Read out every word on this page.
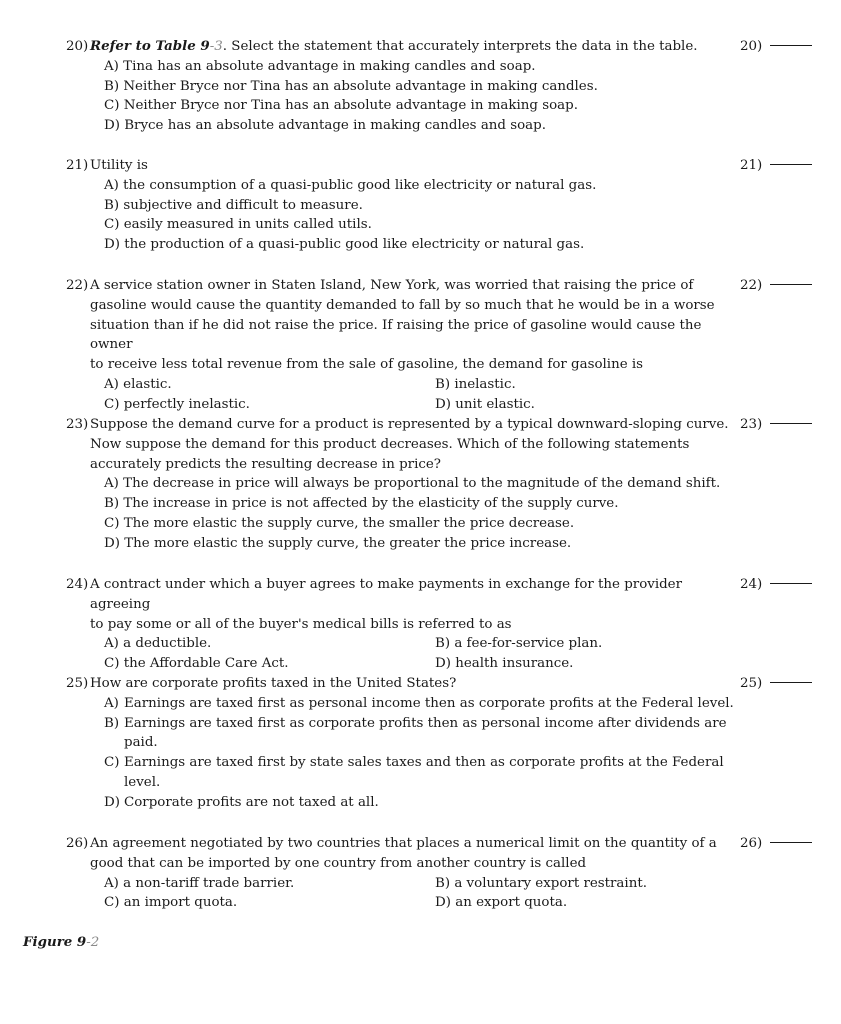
20) Refer to Table 9-3. Select the statement that accurately interprets the data in the table.
A) Tina has an absolute advantage in making candles and soap.
B) Neither Bryce nor Tina has an absolute advantage in making candles.
C) Neither Bryce nor Tina has an absolute advantage in making soap.
D) Bryce has an absolute advantage in making candles and soap.
20)
21) Utility is
A) the consumption of a quasi-public good like electricity or natural gas.
B) subjective and difficult to measure.
C) easily measured in units called utils.
D) the production of a quasi-public good like electricity or natural gas.
21)
22) A service station owner in Staten Island, New York, was worried that raising the price of
gasoline would cause the quantity demanded to fall by so much that he would be in a worse
situation than if he did not raise the price. If raising the price of gasoline would cause the owner
to receive less total revenue from the sale of gasoline, the demand for gasoline is
A) elastic.	B) inelastic.
C) perfectly inelastic.	D) unit elastic.
22)
23) Suppose the demand curve for a product is represented by a typical downward-sloping curve.
Now suppose the demand for this product decreases. Which of the following statements
accurately predicts the resulting decrease in price?
A) The decrease in price will always be proportional to the magnitude of the demand shift.
B) The increase in price is not affected by the elasticity of the supply curve.
C) The more elastic the supply curve, the smaller the price decrease.
D) The more elastic the supply curve, the greater the price increase.
23)
24) A contract under which a buyer agrees to make payments in exchange for the provider agreeing
to pay some or all of the buyer's medical bills is referred to as
A) a deductible.	B) a fee-for-service plan.
C) the Affordable Care Act.	D) health insurance.
24)
25) How are corporate profits taxed in the United States?
A) Earnings are taxed first as personal income then as corporate profits at the Federal level.
B) Earnings are taxed first as corporate profits then as personal income after dividends are
paid.
C) Earnings are taxed first by state sales taxes and then as corporate profits at the Federal
level.
D) Corporate profits are not taxed at all.
25)
26) An agreement negotiated by two countries that places a numerical limit on the quantity of a
good that can be imported by one country from another country is called
A) a non-tariff trade barrier.	B) a voluntary export restraint.
C) an import quota.	D) an export quota.
26)
Figure 9-2
